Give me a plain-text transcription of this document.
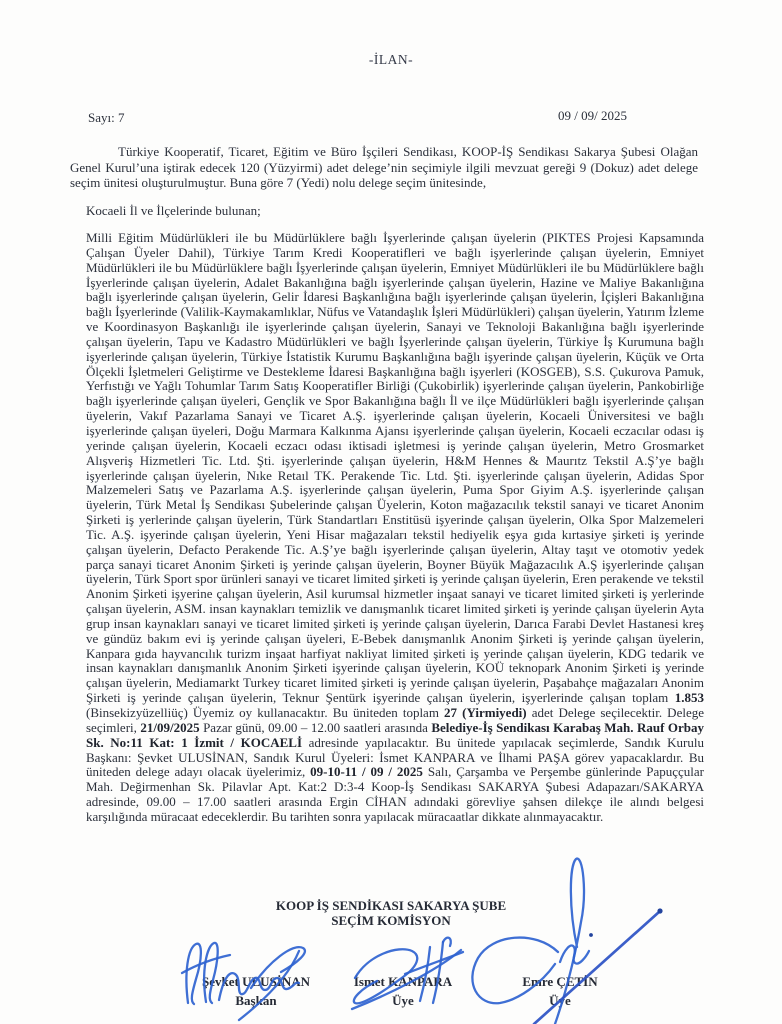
-İLAN-
Sayı: 7	09 / 09/ 2025

Türkiye Kooperatif, Ticaret, Eğitim ve Büro İşçileri Sendikası, KOOP-İŞ Sendikası Sakarya Şubesi Olağan Genel Kurul’una iştirak edecek 120 (Yüzyirmi) adet delege’nin seçimiyle ilgili mevzuat gereği 9 (Dokuz) adet delege seçim ünitesi oluşturulmuştur. Buna göre 7 (Yedi) nolu delege seçim ünitesinde,

Kocaeli İl ve İlçelerinde bulunan;

Milli Eğitim Müdürlükleri ile bu Müdürlüklere bağlı İşyerlerinde çalışan üyelerin (PIKTES Projesi Kapsamında Çalışan Üyeler Dahil), Türkiye Tarım Kredi Kooperatifleri ve bağlı işyerlerinde çalışan üyelerin, Emniyet Müdürlükleri ile bu Müdürlüklere bağlı İşyerlerinde çalışan üyelerin, Emniyet Müdürlükleri ile bu Müdürlüklere bağlı İşyerlerinde çalışan üyelerin, Adalet Bakanlığına bağlı işyerlerinde çalışan üyelerin, Hazine ve Maliye Bakanlığına bağlı işyerlerinde çalışan üyelerin, Gelir İdaresi Başkanlığına bağlı işyerlerinde çalışan üyelerin, İçişleri Bakanlığına bağlı İşyerlerinde (Valilik-Kaymakamlıklar, Nüfus ve Vatandaşlık İşleri Müdürlükleri) çalışan üyelerin, Yatırım İzleme ve Koordinasyon Başkanlığı ile işyerlerinde çalışan üyelerin, Sanayi ve Teknoloji Bakanlığına bağlı işyerlerinde çalışan üyelerin, Tapu ve Kadastro Müdürlükleri ve bağlı İşyerlerinde çalışan üyelerin, Türkiye İş Kurumuna bağlı işyerlerinde çalışan üyelerin, Türkiye İstatistik Kurumu Başkanlığına bağlı işyerinde çalışan üyelerin, Küçük ve Orta Ölçekli İşletmeleri Geliştirme ve Destekleme İdaresi Başkanlığına bağlı işyerleri (KOSGEB), S.S. Çukurova Pamuk, Yerfıstığı ve Yağlı Tohumlar Tarım Satış Kooperatifler Birliği (Çukobirlik) işyerlerinde çalışan üyelerin, Pankobirliğe bağlı işyerlerinde çalışan üyeleri, Gençlik ve Spor Bakanlığına bağlı İl ve ilçe Müdürlükleri bağlı işyerlerinde çalışan üyelerin, Vakıf Pazarlama Sanayi ve Ticaret A.Ş. işyerlerinde çalışan üyelerin, Kocaeli Üniversitesi ve bağlı işyerlerinde çalışan üyeleri, Doğu Marmara Kalkınma Ajansı işyerlerinde çalışan üyelerin, Kocaeli eczacılar odası iş yerinde çalışan üyelerin, Kocaeli eczacı odası iktisadi işletmesi iş yerinde çalışan üyelerin, Metro Grosmarket Alışveriş Hizmetleri Tic. Ltd. Şti. işyerlerinde çalışan üyelerin, H&M Hennes & Maurıtz Tekstil A.Ş’ye bağlı işyerlerinde çalışan üyelerin, Nıke Retaıl TK. Perakende Tic. Ltd. Şti. işyerlerinde çalışan üyelerin, Adidas Spor Malzemeleri Satış ve Pazarlama A.Ş. işyerlerinde çalışan üyelerin, Puma Spor Giyim A.Ş. işyerlerinde çalışan üyelerin, Türk Metal İş Sendikası Şubelerinde çalışan Üyelerin, Koton mağazacılık tekstil sanayi ve ticaret Anonim Şirketi iş yerlerinde çalışan üyelerin, Türk Standartları Enstitüsü işyerinde çalışan üyelerin, Olka Spor Malzemeleri Tic. A.Ş. işyerinde çalışan üyelerin, Yeni Hisar mağazaları tekstil hediyelik eşya gıda kırtasiye şirketi iş yerinde çalışan üyelerin, Defacto Perakende Tic. A.Ş’ye bağlı işyerlerinde çalışan üyelerin, Altay taşıt ve otomotiv yedek parça sanayi ticaret Anonim Şirketi iş yerinde çalışan üyelerin, Boyner Büyük Mağazacılık A.Ş işyerlerinde çalışan üyelerin, Türk Sport spor ürünleri sanayi ve ticaret limited şirketi iş yerinde çalışan üyelerin, Eren perakende ve tekstil Anonim Şirketi işyerine çalışan üyelerin, Asil kurumsal hizmetler inşaat sanayi ve ticaret limited şirketi iş yerlerinde çalışan üyelerin, ASM. insan kaynakları temizlik ve danışmanlık ticaret limited şirketi iş yerinde çalışan üyelerin Ayta grup insan kaynakları sanayi ve ticaret limited şirketi iş yerinde çalışan üyelerin, Darıca Farabi Devlet Hastanesi kreş ve gündüz bakım evi iş yerinde çalışan üyeleri, E-Bebek danışmanlık Anonim Şirketi iş yerinde çalışan üyelerin, Kanpara gıda hayvancılık turizm inşaat harfiyat nakliyat limited şirketi iş yerinde çalışan üyelerin, KDG tedarik ve insan kaynakları danışmanlık Anonim Şirketi işyerinde çalışan üyelerin, KOÜ teknopark Anonim Şirketi iş yerinde çalışan üyelerin, Mediamarkt Turkey ticaret limited şirketi iş yerinde çalışan üyelerin, Paşabahçe mağazaları Anonim Şirketi iş yerinde çalışan üyelerin, Teknur Şentürk işyerinde çalışan üyelerin, işyerlerinde çalışan toplam 1.853 (Binsekizyüzelliüç) Üyemiz oy kullanacaktır. Bu üniteden toplam 27 (Yirmiyedi) adet Delege seçilecektir. Delege seçimleri, 21/09/2025 Pazar günü, 09.00 – 12.00 saatleri arasında Belediye-İş Sendikası Karabaş Mah. Rauf Orbay Sk. No:11 Kat: 1 İzmit / KOCAELİ adresinde yapılacaktır. Bu ünitede yapılacak seçimlerde, Sandık Kurulu Başkanı: Şevket ULUSİNAN, Sandık Kurul Üyeleri: İsmet KANPARA ve İlhami PAŞA görev yapacaklardır. Bu üniteden delege adayı olacak üyelerimiz, 09-10-11 / 09 / 2025 Salı, Çarşamba ve Perşembe günlerinde Papuççular Mah. Değirmenhan Sk. Pilavlar Apt. Kat:2 D:3-4 Koop-İş Sendikası SAKARYA Şubesi Adapazarı/SAKARYA adresinde, 09.00 – 17.00 saatleri arasında Ergin CİHAN adındaki görevliye şahsen dilekçe ile alındı belgesi karşılığında müracaat edeceklerdir. Bu tarihten sonra yapılacak müracaatlar dikkate alınmayacaktır.

KOOP İŞ SENDİKASI SAKARYA ŞUBE
SEÇİM KOMİSYON
Şevket ULUSİNAN
Başkan
İsmet KANPARA
Üye
Emre ÇETİN
Üye
